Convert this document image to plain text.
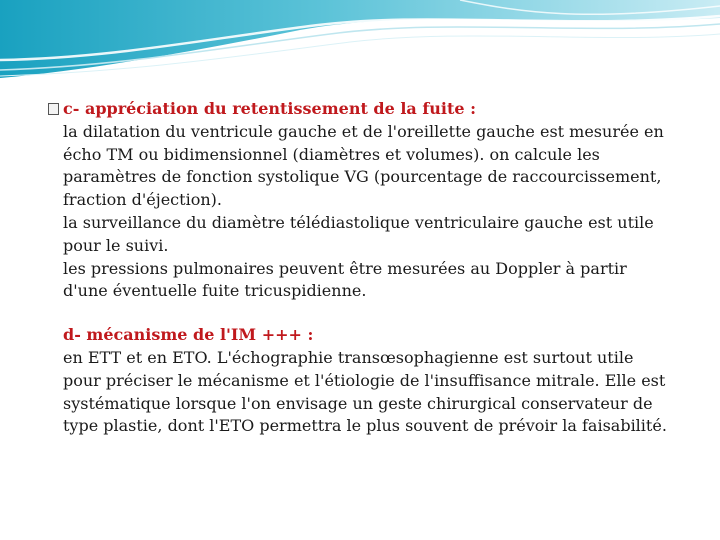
c- appréciation du retentissement de la fuite :

la dilatation du ventricule gauche et de l'oreillette gauche est mesurée en

écho TM ou bidimensionnel (diamètres et volumes). on calcule les

paramètres de fonction systolique VG (pourcentage de raccourcissement,

fraction d'éjection).

la surveillance du diamètre télédiastolique ventriculaire gauche est utile

pour le suivi.

les pressions pulmonaires peuvent être mesurées au Doppler à partir

d'une éventuelle fuite tricuspidienne.

d- mécanisme de l'IM +++ :

en ETT et en ETO. L'échographie transœsophagienne est surtout utile

pour préciser le mécanisme et l'étiologie de l'insuffisance mitrale. Elle est

systématique lorsque l'on envisage un geste chirurgical conservateur de

type plastie, dont l'ETO permettra le plus souvent de prévoir la faisabilité.
